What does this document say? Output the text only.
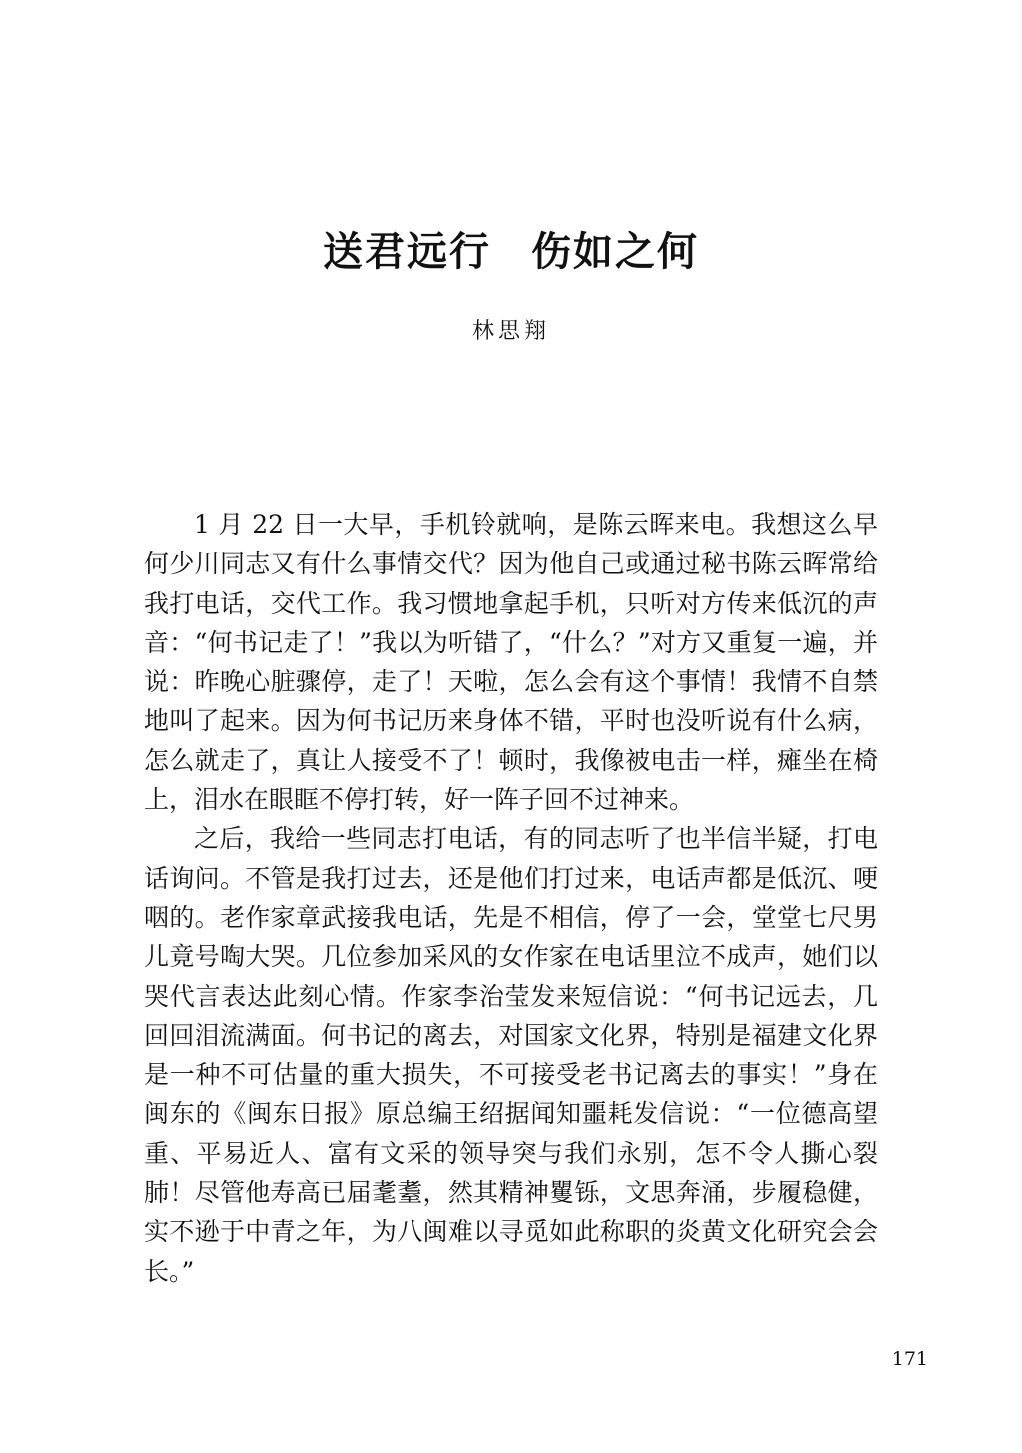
送君远行 伤如之何
林思翔

1 月 22 日一大早，手机铃就响，是陈云晖来电。我想这么早何少川同志又有什么事情交代？因为他自己或通过秘书陈云晖常给我打电话，交代工作。我习惯地拿起手机，只听对方传来低沉的声音：“何书记走了！”我以为听错了，“什么？”对方又重复一遍，并说：昨晚心脏骤停，走了！天啦，怎么会有这个事情！我情不自禁地叫了起来。因为何书记历来身体不错，平时也没听说有什么病，怎么就走了，真让人接受不了！顿时，我像被电击一样，瘫坐在椅上，泪水在眼眶不停打转，好一阵子回不过神来。

之后，我给一些同志打电话，有的同志听了也半信半疑，打电话询问。不管是我打过去，还是他们打过来，电话声都是低沉、哽咽的。老作家章武接我电话，先是不相信，停了一会，堂堂七尺男儿竟号啕大哭。几位参加采风的女作家在电话里泣不成声，她们以哭代言表达此刻心情。作家李治莹发来短信说：“何书记远去，几回回泪流满面。何书记的离去，对国家文化界，特别是福建文化界是一种不可估量的重大损失，不可接受老书记离去的事实！”身在闽东的《闽东日报》原总编王绍据闻知噩耗发信说：“一位德高望重、平易近人、富有文采的领导突与我们永别，怎不令人撕心裂肺！尽管他寿高已届耄耋，然其精神矍铄，文思奔涌，步履稳健，实不逊于中青之年，为八闽难以寻觅如此称职的炎黄文化研究会会长。”

171
